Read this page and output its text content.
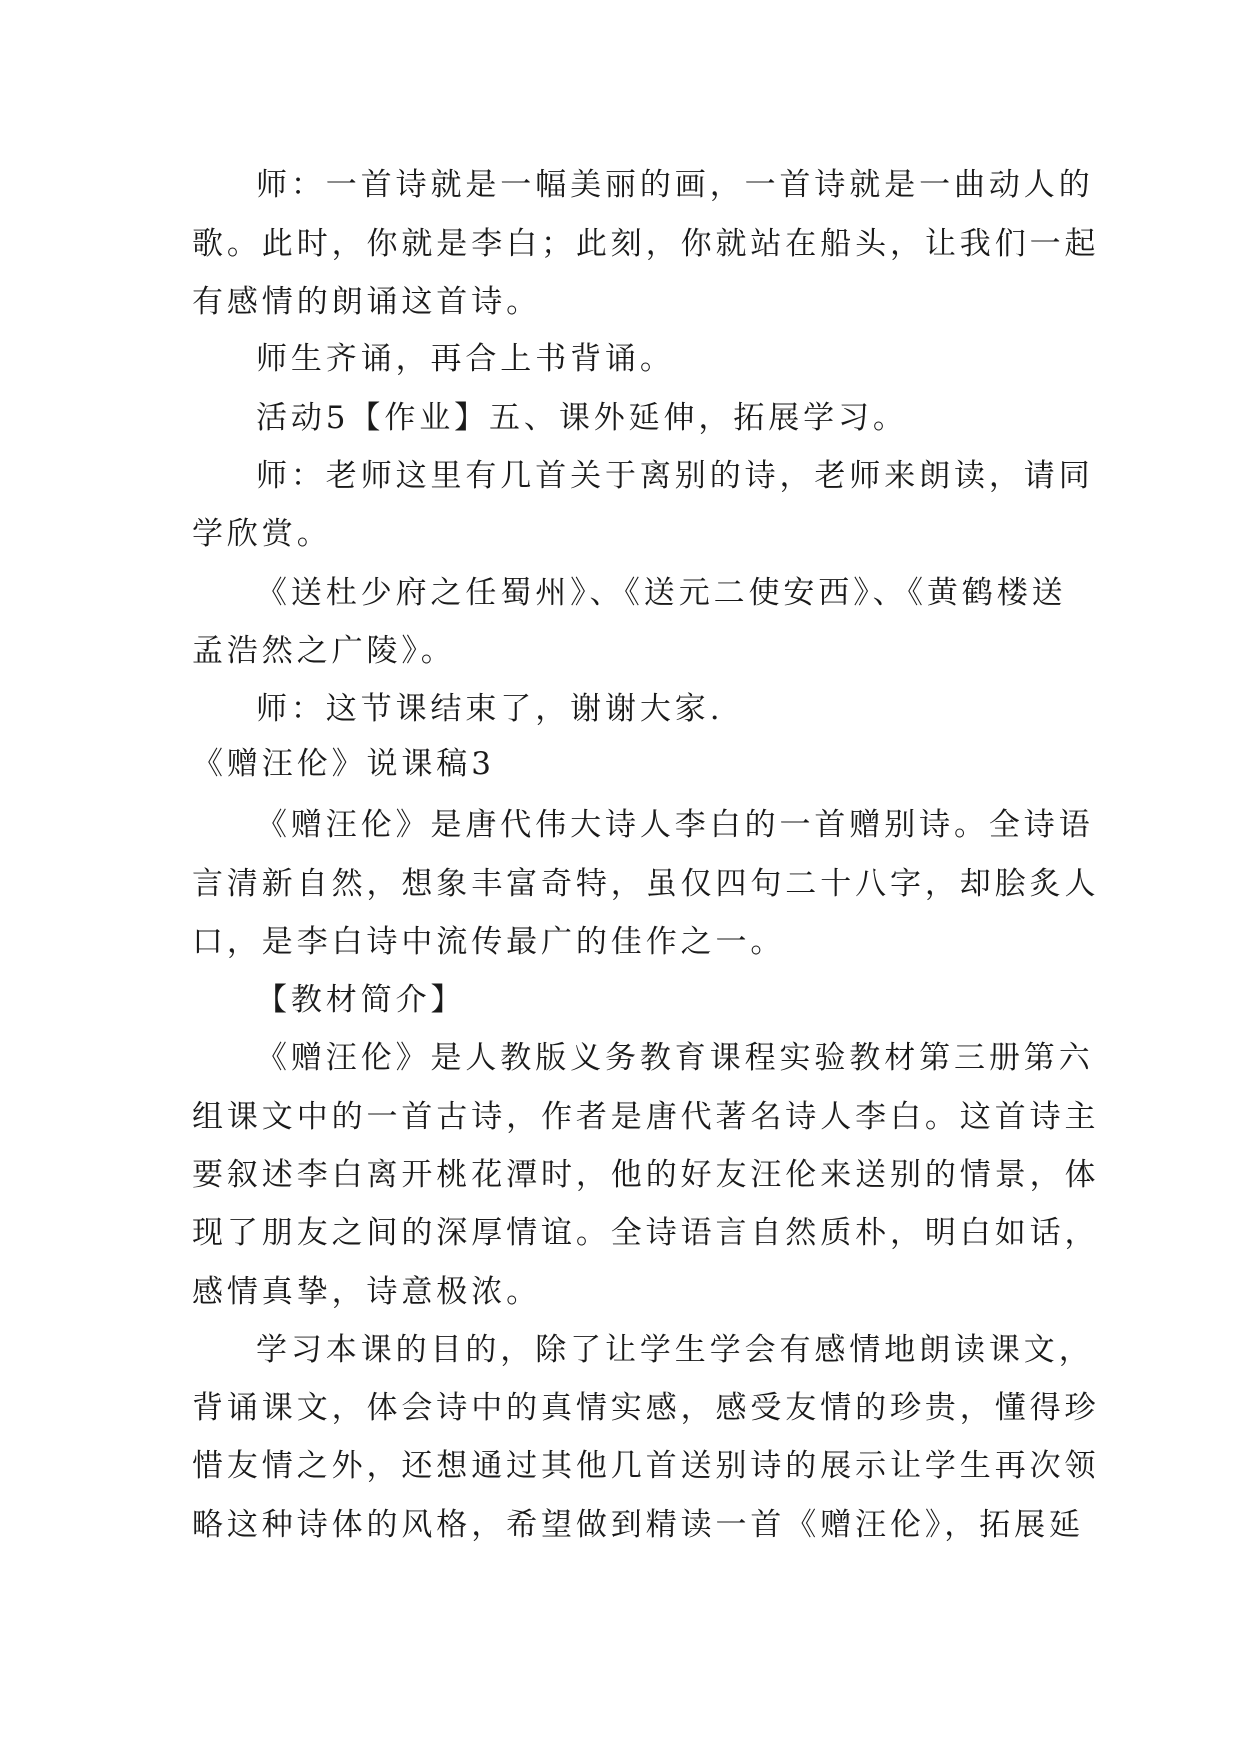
师：一首诗就是一幅美丽的画，一首诗就是一曲动人的

歌。此时，你就是李白；此刻，你就站在船头，让我们一起

有感情的朗诵这首诗。

师生齐诵，再合上书背诵。

活动5【作业】五、课外延伸，拓展学习。

师：老师这里有几首关于离别的诗，老师来朗读，请同

学欣赏。

《送杜少府之任蜀州》、《送元二使安西》、《黄鹤楼送

孟浩然之广陵》。

师：这节课结束了，谢谢大家.

《赠汪伦》说课稿3

《赠汪伦》是唐代伟大诗人李白的一首赠别诗。全诗语

言清新自然，想象丰富奇特，虽仅四句二十八字，却脍炙人

口，是李白诗中流传最广的佳作之一。

【教材简介】

《赠汪伦》是人教版义务教育课程实验教材第三册第六

组课文中的一首古诗，作者是唐代著名诗人李白。这首诗主

要叙述李白离开桃花潭时，他的好友汪伦来送别的情景，体

现了朋友之间的深厚情谊。全诗语言自然质朴，明白如话，

感情真挚，诗意极浓。

学习本课的目的，除了让学生学会有感情地朗读课文，

背诵课文，体会诗中的真情实感，感受友情的珍贵，懂得珍

惜友情之外，还想通过其他几首送别诗的展示让学生再次领

略这种诗体的风格，希望做到精读一首《赠汪伦》，拓展延
